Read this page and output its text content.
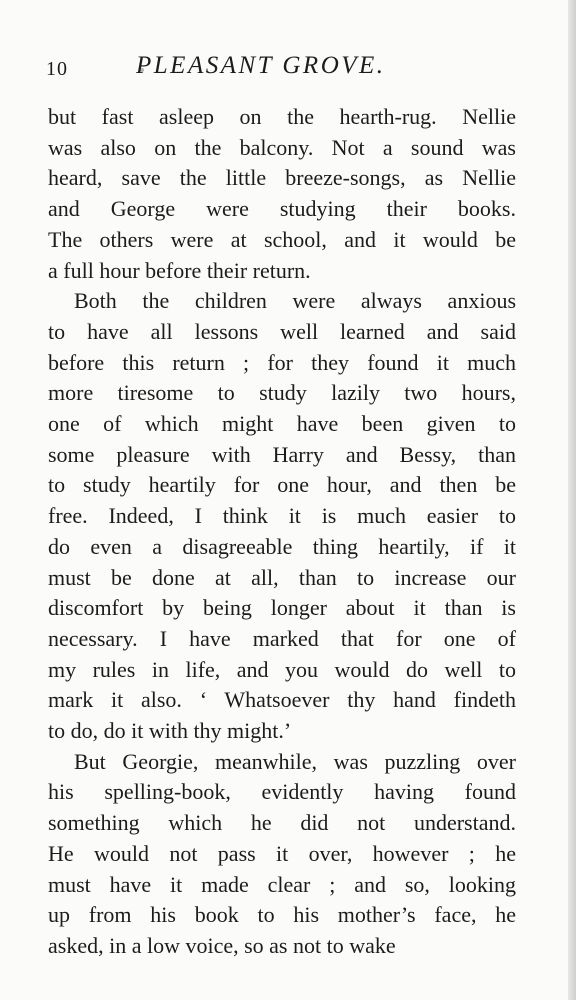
10	PLEASANT GROVE.
but fast asleep on the hearth-rug. Nellie
was also on the balcony. Not a sound was
heard, save the little breeze-songs, as Nellie
and George were studying their books.
The others were at school, and it would be
a full hour before their return.
Both the children were always anxious
to have all lessons well learned and said
before this return ; for they found it much
more tiresome to study lazily two hours,
one of which might have been given to
some pleasure with Harry and Bessy, than
to study heartily for one hour, and then be
free. Indeed, I think it is much easier to
do even a disagreeable thing heartily, if it
must be done at all, than to increase our
discomfort by being longer about it than is
necessary. I have marked that for one of
my rules in life, and you would do well to
mark it also. ‘ Whatsoever thy hand findeth
to do, do it with thy might.’
But Georgie, meanwhile, was puzzling over
his spelling-book, evidently having found
something which he did not understand.
He would not pass it over, however ; he
must have it made clear ; and so, looking
up from his book to his mother’s face, he
asked, in a low voice, so as not to wake
